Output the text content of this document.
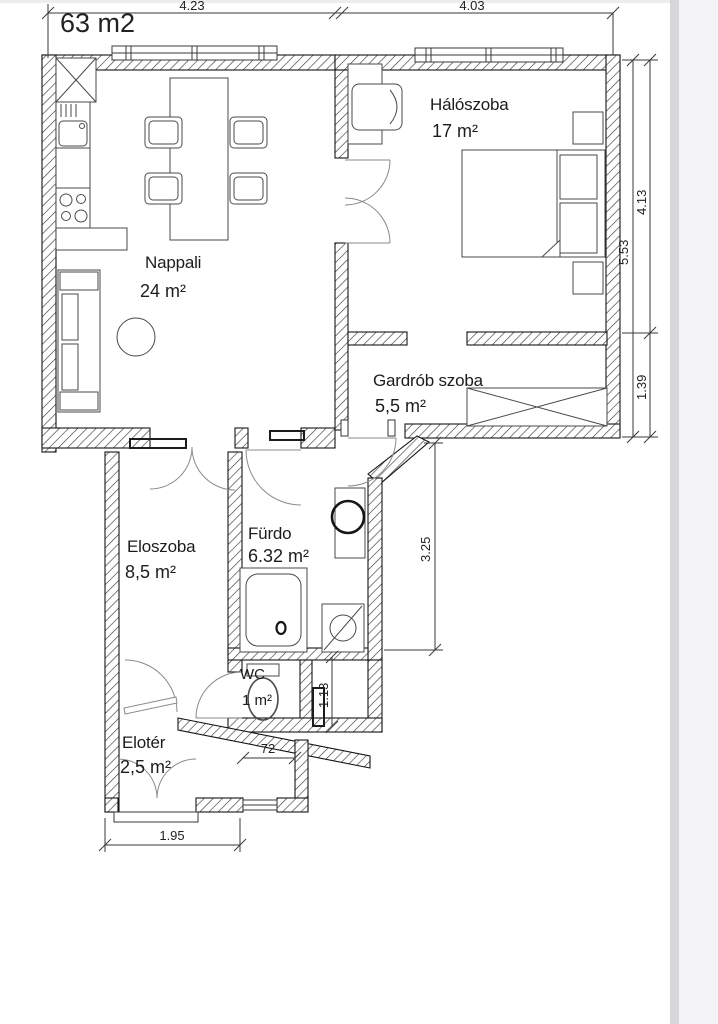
63 m2
4.23	4.03
Nappali
24 m²
Hálószoba
17 m²
Gardrób szoba
5,5 m²
Eloszoba
8,5 m²
Fürdo
6.32 m²
WC
1 m²
Elotér
2,5 m²
5.53
4.13
1.39
3.25
1.13
72
1.95
